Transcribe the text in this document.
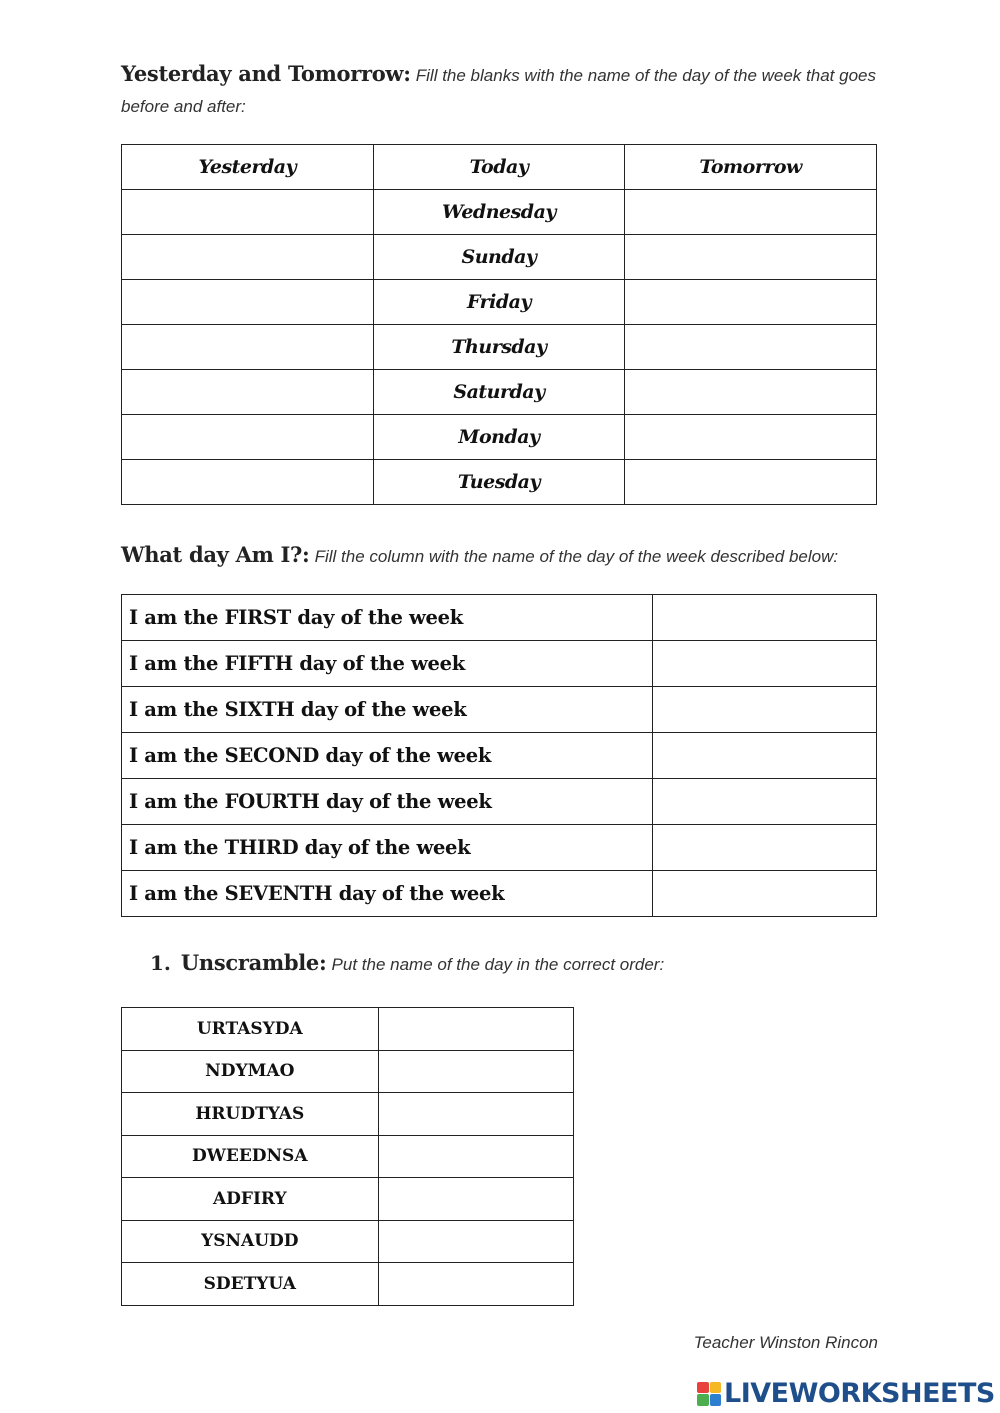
Yesterday and Tomorrow: Fill the blanks with the name of the day of the week that goes before and after:
Yesterday	Today	Tomorrow
	Wednesday	
	Sunday	
	Friday	
	Thursday	
	Saturday	
	Monday	
	Tuesday	
What day Am I?: Fill the column with the name of the day of the week described below:
I am the FIRST day of the week	
I am the FIFTH day of the week	
I am the SIXTH day of the week	
I am the SECOND day of the week	
I am the FOURTH day of the week	
I am the THIRD day of the week	
I am the SEVENTH day of the week	
1. Unscramble: Put the name of the day in the correct order:
URTASYDA	
NDYMAO	
HRUDTYAS	
DWEEDNSA	
ADFIRY	
YSNAUDD	
SDETYUA	
Teacher Winston Rincon
LIVEWORKSHEETS
